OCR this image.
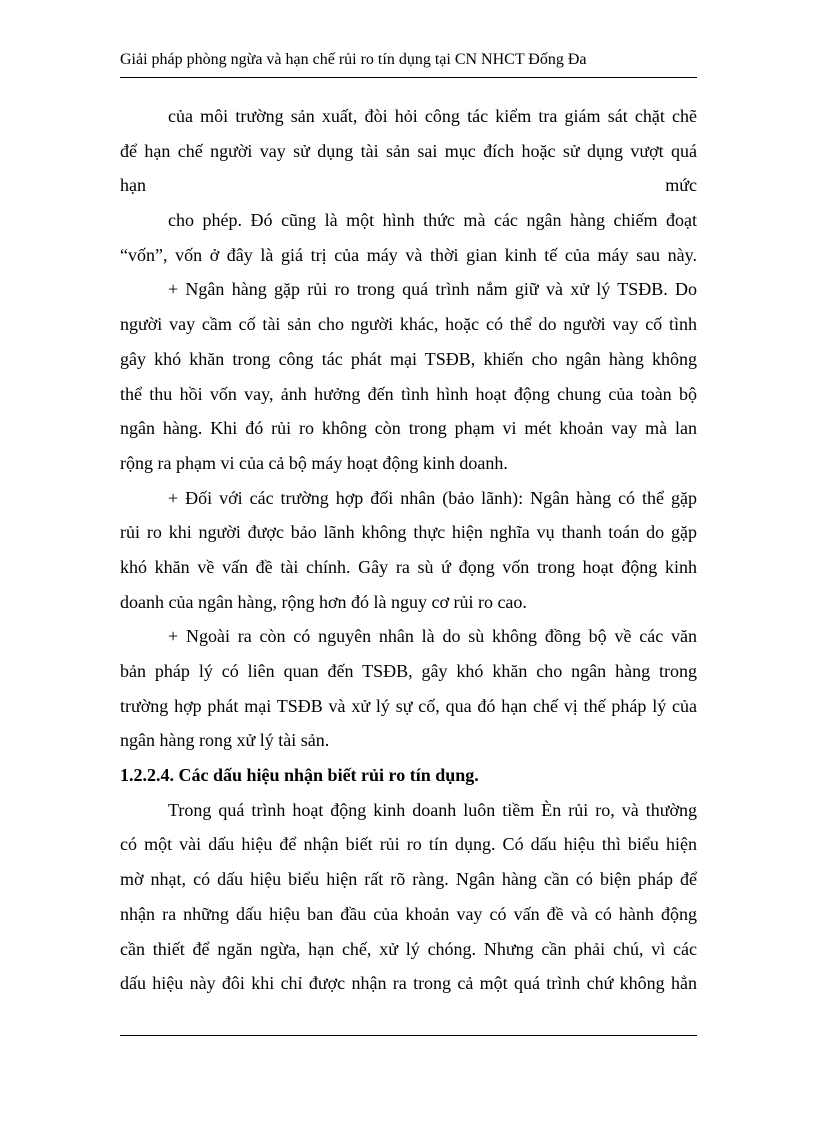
Giải pháp phòng ngừa và hạn chế rủi ro tín dụng tại CN NHCT Đống Đa
của môi trường sản xuất, đòi hỏi công tác kiểm tra giám sát chặt chẽ
để hạn chế người vay sử dụng tài sản sai mục đích hoặc sử dụng vượt quá
hạn	mức
cho phép. Đó cũng là một hình thức mà các ngân hàng chiếm đoạt
“vốn”, vốn ở đây là giá trị của máy và thời gian kinh tế của máy sau này.
+ Ngân hàng gặp rủi ro trong quá trình nắm giữ và xử lý TSĐB. Do
người vay cầm cố tài sản cho người khác, hoặc có thể do người vay cố tình
gây khó khăn trong công tác phát mại TSĐB, khiến cho ngân hàng không
thể thu hồi vốn vay, ảnh hưởng đến tình hình hoạt động chung của toàn bộ
ngân hàng. Khi đó rủi ro không còn trong phạm vi mét khoản vay mà lan
rộng ra phạm vi của cả bộ máy hoạt động kinh doanh.
+ Đối với các trường hợp đối nhân (bảo lãnh): Ngân hàng có thể gặp
rủi ro khi người được bảo lãnh không thực hiện nghĩa vụ thanh toán do gặp
khó khăn về vấn đề tài chính. Gây ra sù ứ đọng vốn trong hoạt động kinh
doanh của ngân hàng, rộng hơn đó là nguy cơ rủi ro cao.
+ Ngoài ra còn có nguyên nhân là do sù không đồng bộ về các văn
bản pháp lý có liên quan đến TSĐB, gây khó khăn cho ngân hàng trong
trường hợp phát mại TSĐB và xử lý sự cố, qua đó hạn chế vị thế pháp lý của
ngân hàng rong xử lý tài sản.
1.2.2.4. Các dấu hiệu nhận biết rủi ro tín dụng.
Trong quá trình hoạt động kinh doanh luôn tiềm Èn rủi ro, và thường
có một vài dấu hiệu để nhận biết rủi ro tín dụng. Có dấu hiệu thì biểu hiện
mờ nhạt, có dấu hiệu biểu hiện rất rõ ràng. Ngân hàng cần có biện pháp để
nhận ra những dấu hiệu ban đầu của khoản vay có vấn đề và có hành động
cần thiết để ngăn ngừa, hạn chế, xử lý chóng. Nhưng cần phải chú, vì các
dấu hiệu này đôi khi chỉ được nhận ra trong cả một quá trình chứ không hẳn
